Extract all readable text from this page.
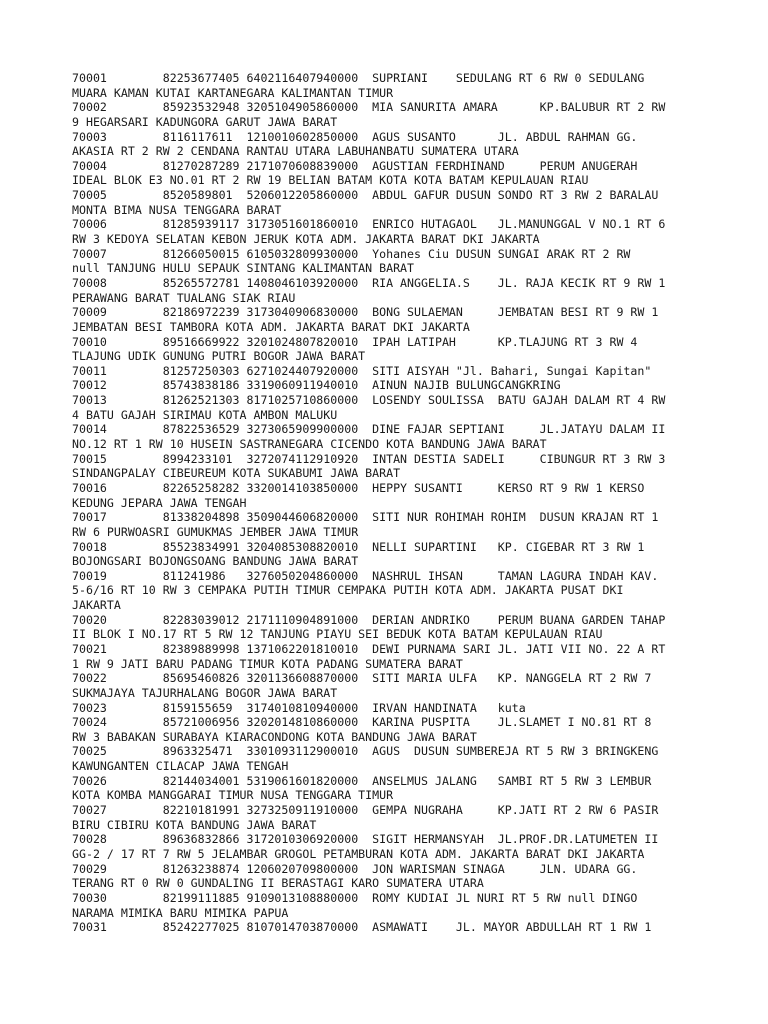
70001        82253677405 6402116407940000  SUPRIANI    SEDULANG RT 6 RW 0 SEDULANG
MUARA KAMAN KUTAI KARTANEGARA KALIMANTAN TIMUR
70002        85923532948 3205104905860000  MIA SANURITA AMARA      KP.BALUBUR RT 2 RW
9 HEGARSARI KADUNGORA GARUT JAWA BARAT
70003        8116117611  1210010602850000  AGUS SUSANTO      JL. ABDUL RAHMAN GG.
AKASIA RT 2 RW 2 CENDANA RANTAU UTARA LABUHANBATU SUMATERA UTARA
70004        81270287289 2171070608839000  AGUSTIAN FERDHINAND     PERUM ANUGERAH
IDEAL BLOK E3 NO.01 RT 2 RW 19 BELIAN BATAM KOTA KOTA BATAM KEPULAUAN RIAU
70005        8520589801  5206012205860000  ABDUL GAFUR DUSUN SONDO RT 3 RW 2 BARALAU
MONTA BIMA NUSA TENGGARA BARAT
70006        81285939117 3173051601860010  ENRICO HUTAGAOL   JL.MANUNGGAL V NO.1 RT 6
RW 3 KEDOYA SELATAN KEBON JERUK KOTA ADM. JAKARTA BARAT DKI JAKARTA
70007        81266050015 6105032809930000  Yohanes Ciu DUSUN SUNGAI ARAK RT 2 RW
null TANJUNG HULU SEPAUK SINTANG KALIMANTAN BARAT
70008        85265572781 1408046103920000  RIA ANGGELIA.S    JL. RAJA KECIK RT 9 RW 1
PERAWANG BARAT TUALANG SIAK RIAU
70009        82186972239 3173040906830000  BONG SULAEMAN     JEMBATAN BESI RT 9 RW 1
JEMBATAN BESI TAMBORA KOTA ADM. JAKARTA BARAT DKI JAKARTA
70010        89516669922 3201024807820010  IPAH LATIPAH      KP.TLAJUNG RT 3 RW 4
TLAJUNG UDIK GUNUNG PUTRI BOGOR JAWA BARAT
70011        81257250303 6271024407920000  SITI AISYAH "Jl. Bahari, Sungai Kapitan"
70012        85743838186 3319060911940010  AINUN NAJIB BULUNGCANGKRING
70013        81262521303 8171025710860000  LOSENDY SOULISSA  BATU GAJAH DALAM RT 4 RW
4 BATU GAJAH SIRIMAU KOTA AMBON MALUKU
70014        87822536529 3273065909900000  DINE FAJAR SEPTIANI     JL.JATAYU DALAM II
NO.12 RT 1 RW 10 HUSEIN SASTRANEGARA CICENDO KOTA BANDUNG JAWA BARAT
70015        8994233101  3272074112910920  INTAN DESTIA SADELI     CIBUNGUR RT 3 RW 3
SINDANGPALAY CIBEUREUM KOTA SUKABUMI JAWA BARAT
70016        82265258282 3320014103850000  HEPPY SUSANTI     KERSO RT 9 RW 1 KERSO
KEDUNG JEPARA JAWA TENGAH
70017        81338204898 3509044606820000  SITI NUR ROHIMAH ROHIM  DUSUN KRAJAN RT 1
RW 6 PURWOASRI GUMUKMAS JEMBER JAWA TIMUR
70018        85523834991 3204085308820010  NELLI SUPARTINI   KP. CIGEBAR RT 3 RW 1
BOJONGSARI BOJONGSOANG BANDUNG JAWA BARAT
70019        811241986   3276050204860000  NASHRUL IHSAN     TAMAN LAGURA INDAH KAV.
5-6/16 RT 10 RW 3 CEMPAKA PUTIH TIMUR CEMPAKA PUTIH KOTA ADM. JAKARTA PUSAT DKI
JAKARTA
70020        82283039012 2171110904891000  DERIAN ANDRIKO    PERUM BUANA GARDEN TAHAP
II BLOK I NO.17 RT 5 RW 12 TANJUNG PIAYU SEI BEDUK KOTA BATAM KEPULAUAN RIAU
70021        82389889998 1371062201810010  DEWI PURNAMA SARI JL. JATI VII NO. 22 A RT
1 RW 9 JATI BARU PADANG TIMUR KOTA PADANG SUMATERA BARAT
70022        85695460826 3201136608870000  SITI MARIA ULFA   KP. NANGGELA RT 2 RW 7
SUKMAJAYA TAJURHALANG BOGOR JAWA BARAT
70023        8159155659  3174010810940000  IRVAN HANDINATA   kuta
70024        85721006956 3202014810860000  KARINA PUSPITA    JL.SLAMET I NO.81 RT 8
RW 3 BABAKAN SURABAYA KIARACONDONG KOTA BANDUNG JAWA BARAT
70025        8963325471  3301093112900010  AGUS  DUSUN SUMBEREJA RT 5 RW 3 BRINGKENG
KAWUNGANTEN CILACAP JAWA TENGAH
70026        82144034001 5319061601820000  ANSELMUS JALANG   SAMBI RT 5 RW 3 LEMBUR
KOTA KOMBA MANGGARAI TIMUR NUSA TENGGARA TIMUR
70027        82210181991 3273250911910000  GEMPA NUGRAHA     KP.JATI RT 2 RW 6 PASIR
BIRU CIBIRU KOTA BANDUNG JAWA BARAT
70028        89636832866 3172010306920000  SIGIT HERMANSYAH  JL.PROF.DR.LATUMETEN II
GG-2 / 17 RT 7 RW 5 JELAMBAR GROGOL PETAMBURAN KOTA ADM. JAKARTA BARAT DKI JAKARTA
70029        81263238874 1206020709800000  JON WARISMAN SINAGA     JLN. UDARA GG.
TERANG RT 0 RW 0 GUNDALING II BERASTAGI KARO SUMATERA UTARA
70030        82199111885 9109013108880000  ROMY KUDIAI JL NURI RT 5 RW null DINGO
NARAMA MIMIKA BARU MIMIKA PAPUA
70031        85242277025 8107014703870000  ASMAWATI    JL. MAYOR ABDULLAH RT 1 RW 1
